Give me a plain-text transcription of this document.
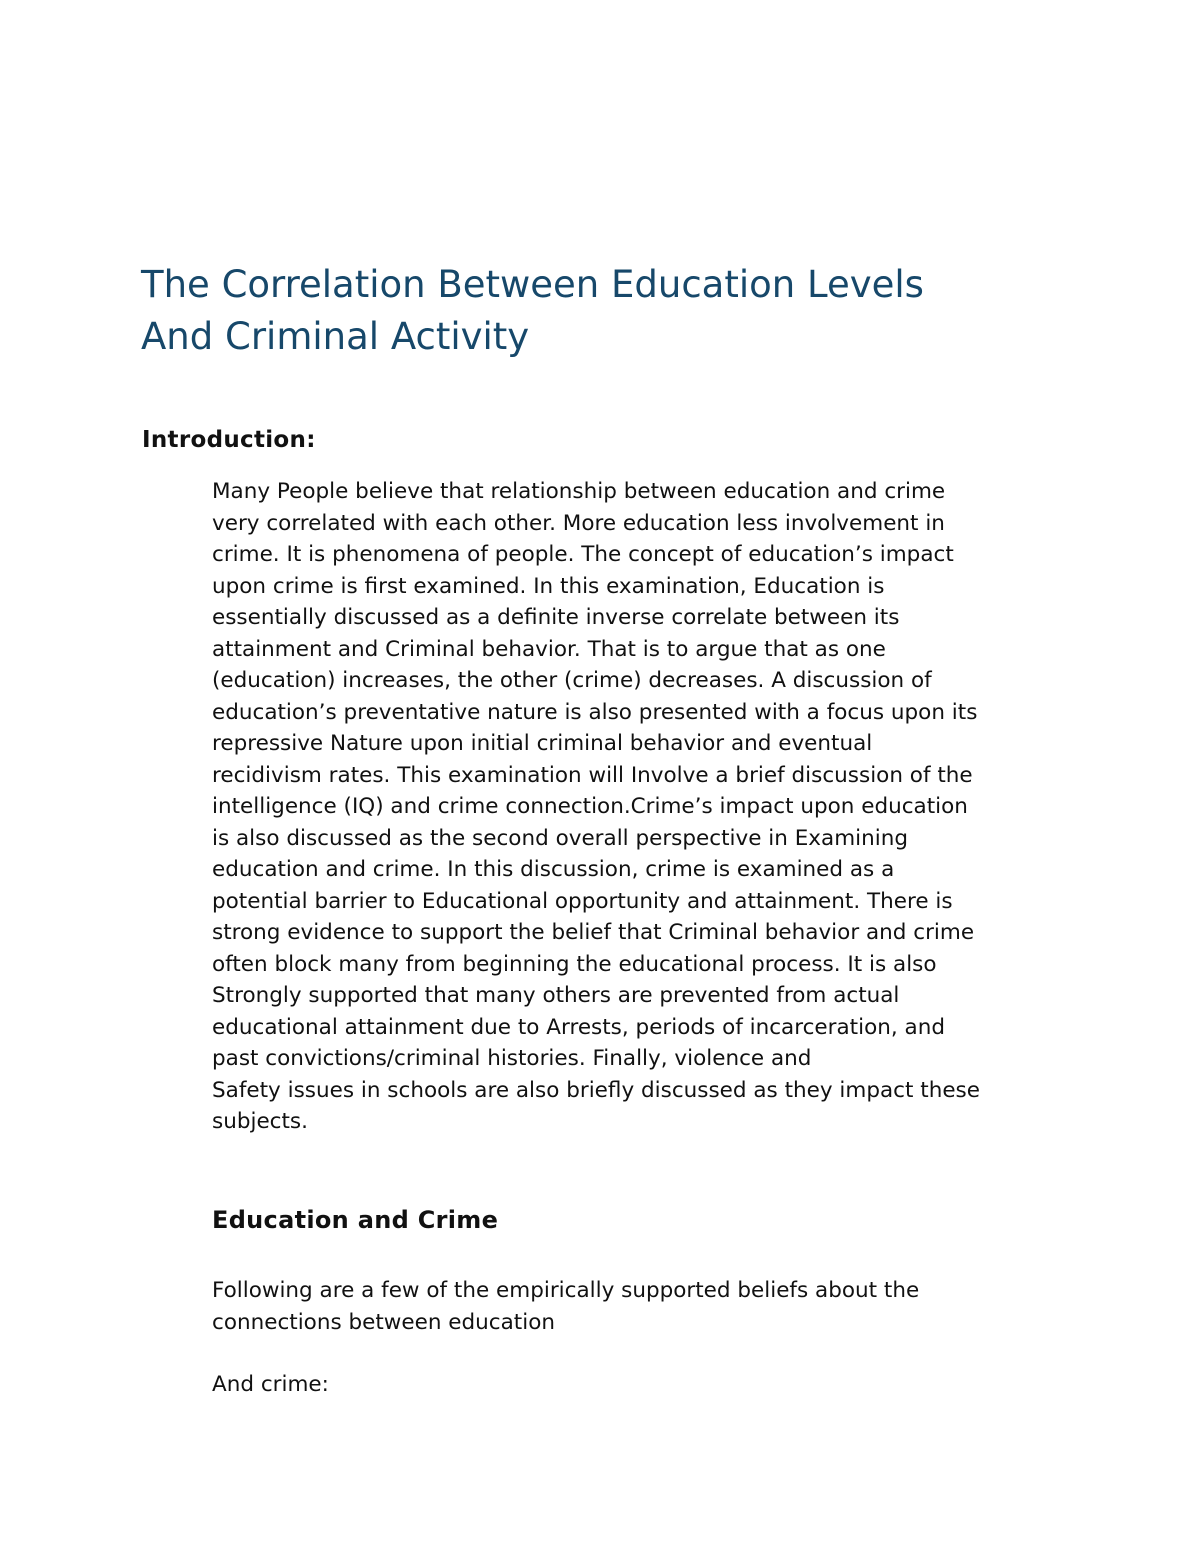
The Correlation Between Education Levels
And Criminal Activity
Introduction:

Many People believe that relationship between education and crime
very correlated with each other. More education less involvement in
crime. It is phenomena of people. The concept of education’s impact
upon crime is first examined. In this examination, Education is
essentially discussed as a definite inverse correlate between its
attainment and Criminal behavior. That is to argue that as one
(education) increases, the other (crime) decreases. A discussion of
education’s preventative nature is also presented with a focus upon its
repressive Nature upon initial criminal behavior and eventual
recidivism rates. This examination will Involve a brief discussion of the
intelligence (IQ) and crime connection.Crime’s impact upon education
is also discussed as the second overall perspective in Examining
education and crime. In this discussion, crime is examined as a
potential barrier to Educational opportunity and attainment. There is
strong evidence to support the belief that Criminal behavior and crime
often block many from beginning the educational process. It is also
Strongly supported that many others are prevented from actual
educational attainment due to Arrests, periods of incarceration, and
past convictions/criminal histories. Finally, violence and
Safety issues in schools are also briefly discussed as they impact these
subjects.

Education and Crime

Following are a few of the empirically supported beliefs about the
connections between education

And crime:
